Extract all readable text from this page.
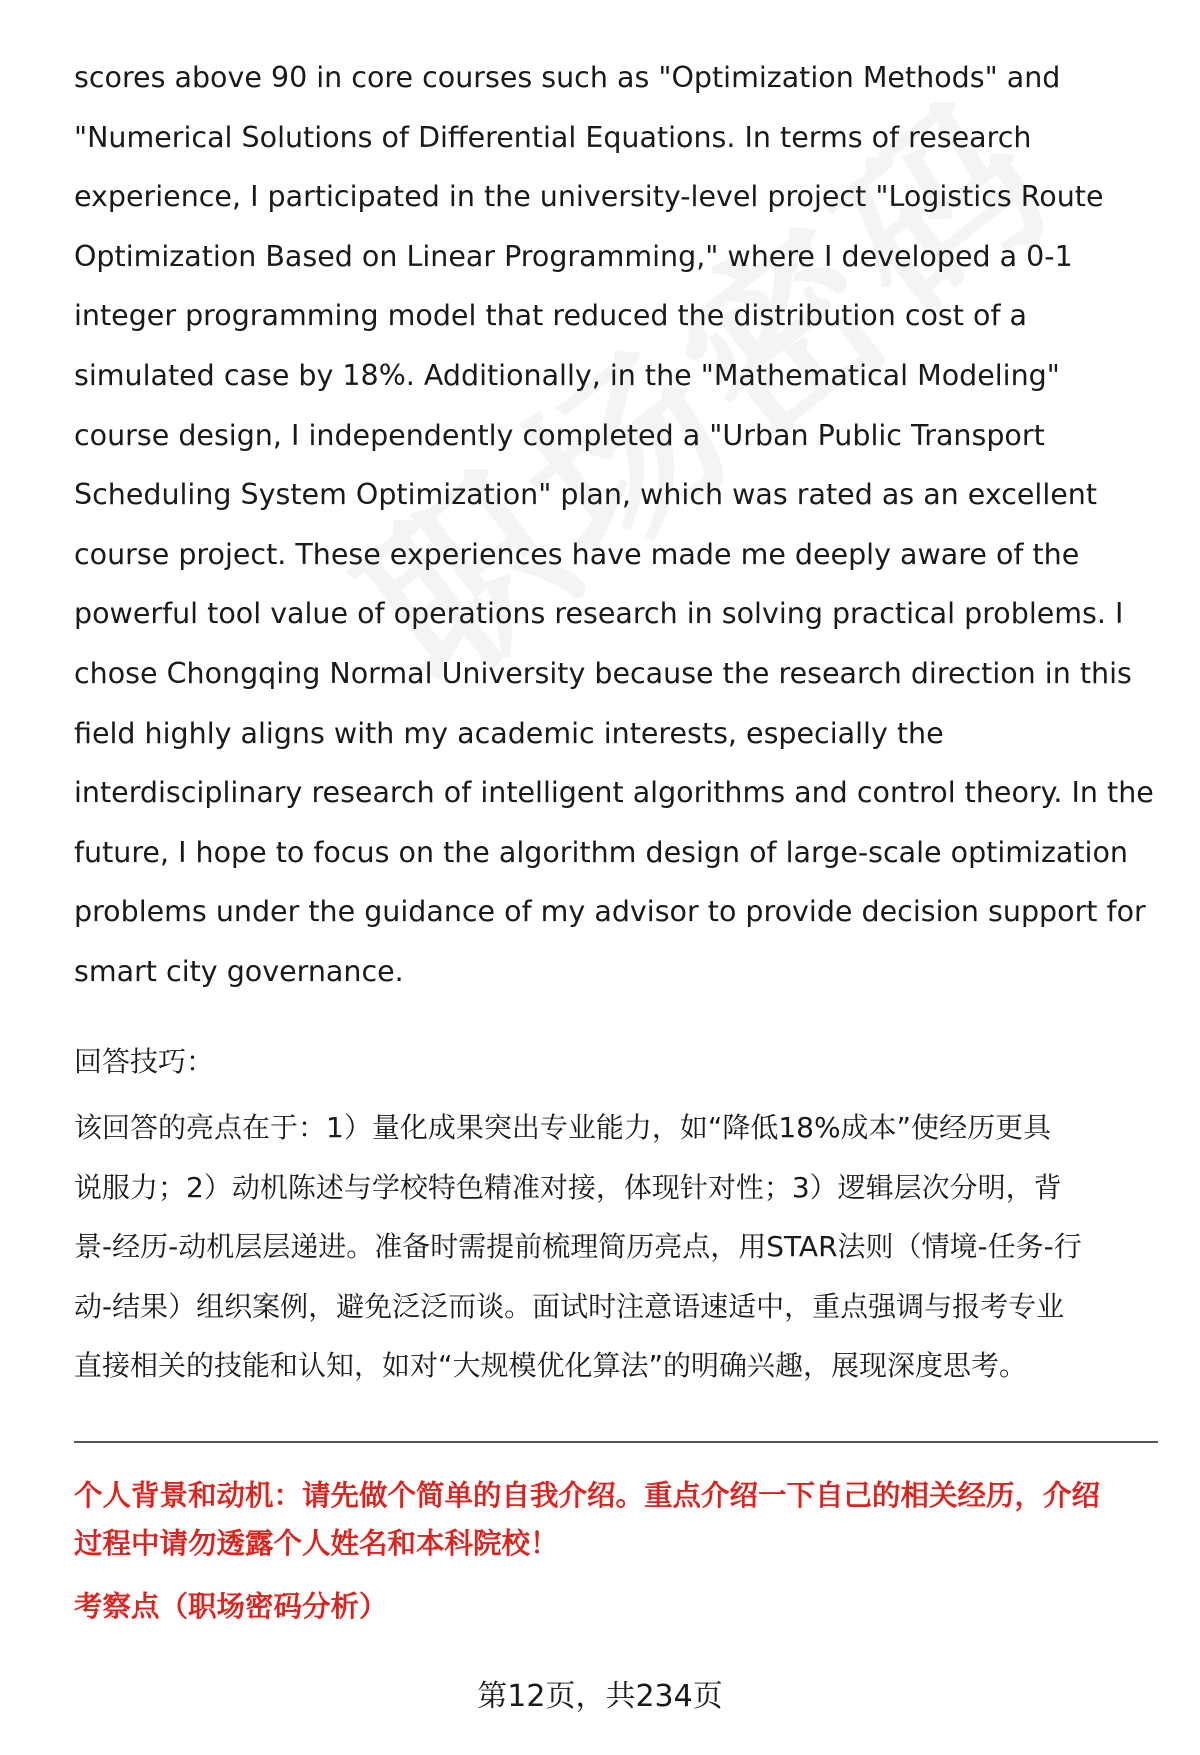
scores above 90 in core courses such as "Optimization Methods" and
"Numerical Solutions of Differential Equations. In terms of research
experience, I participated in the university-level project "Logistics Route
Optimization Based on Linear Programming," where I developed a 0-1
integer programming model that reduced the distribution cost of a
simulated case by 18%. Additionally, in the "Mathematical Modeling"
course design, I independently completed a "Urban Public Transport
Scheduling System Optimization" plan, which was rated as an excellent
course project. These experiences have made me deeply aware of the
powerful tool value of operations research in solving practical problems. I
chose Chongqing Normal University because the research direction in this
field highly aligns with my academic interests, especially the
interdisciplinary research of intelligent algorithms and control theory. In the
future, I hope to focus on the algorithm design of large-scale optimization
problems under the guidance of my advisor to provide decision support for
smart city governance.
回答技巧：
该回答的亮点在于：1）量化成果突出专业能力，如“降低18%成本”使经历更具
说服力；2）动机陈述与学校特色精准对接，体现针对性；3）逻辑层次分明，背
景-经历-动机层层递进。准备时需提前梳理简历亮点，用STAR法则（情境-任务-行
动-结果）组织案例，避免泛泛而谈。面试时注意语速适中，重点强调与报考专业
直接相关的技能和认知，如对“大规模优化算法”的明确兴趣，展现深度思考。
个人背景和动机：请先做个简单的自我介绍。重点介绍一下自己的相关经历，介绍
过程中请勿透露个人姓名和本科院校！
考察点（职场密码分析）
第12页，共234页
